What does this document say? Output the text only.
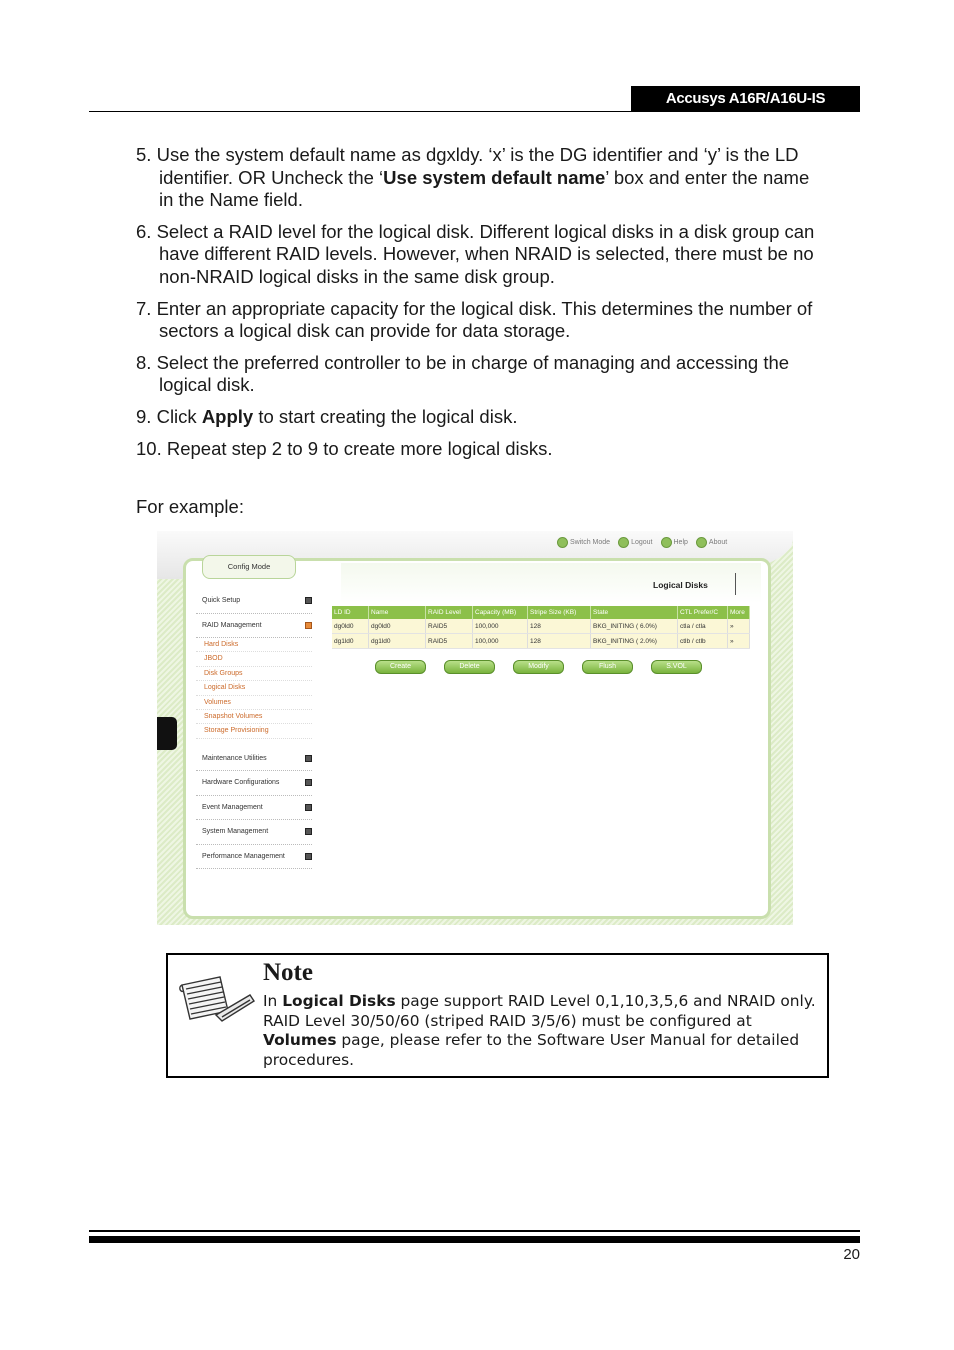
Accusys A16R/A16U-IS

5. Use the system default name as dgxldy. ‘x’ is the DG identifier and ‘y’ is the LD identifier. OR Uncheck the ‘Use system default name’ box and enter the name in the Name field.

6. Select a RAID level for the logical disk. Different logical disks in a disk group can have different RAID levels. However, when NRAID is selected, there must be no non-NRAID logical disks in the same disk group.

7. Enter an appropriate capacity for the logical disk. This determines the number of sectors a logical disk can provide for data storage.

8. Select the preferred controller to be in charge of managing and accessing the logical disk.

9. Click Apply to start creating the logical disk.

10. Repeat step 2 to 9 to create more logical disks.

For example:
Switch Mode	Logout	Help	About
Config Mode
Quick Setup
RAID Management
Hard Disks
JBOD
Disk Groups
Logical Disks
Volumes
Snapshot Volumes
Storage Provisioning
Maintenance Utilities
Hardware Configurations
Event Management
System Management
Performance Management
Logical Disks
LD ID	Name	RAID Level	Capacity (MB)	Stripe Size (KB)	State	CTL Prefer/C	More
dg0ld0	dg0ld0	RAID5	100,000	128	BKG_INITING ( 6.0%)	ctla / ctla	»
dg1ld0	dg1ld0	RAID5	100,000	128	BKG_INITING ( 2.0%)	ctlb / ctlb	»
Create	Delete	Modify	Flush	S.VOL
Note
In Logical Disks page support RAID Level 0,1,10,3,5,6 and NRAID only. RAID Level 30/50/60 (striped RAID 3/5/6) must be configured at Volumes page, please refer to the Software User Manual for detailed procedures.
20
